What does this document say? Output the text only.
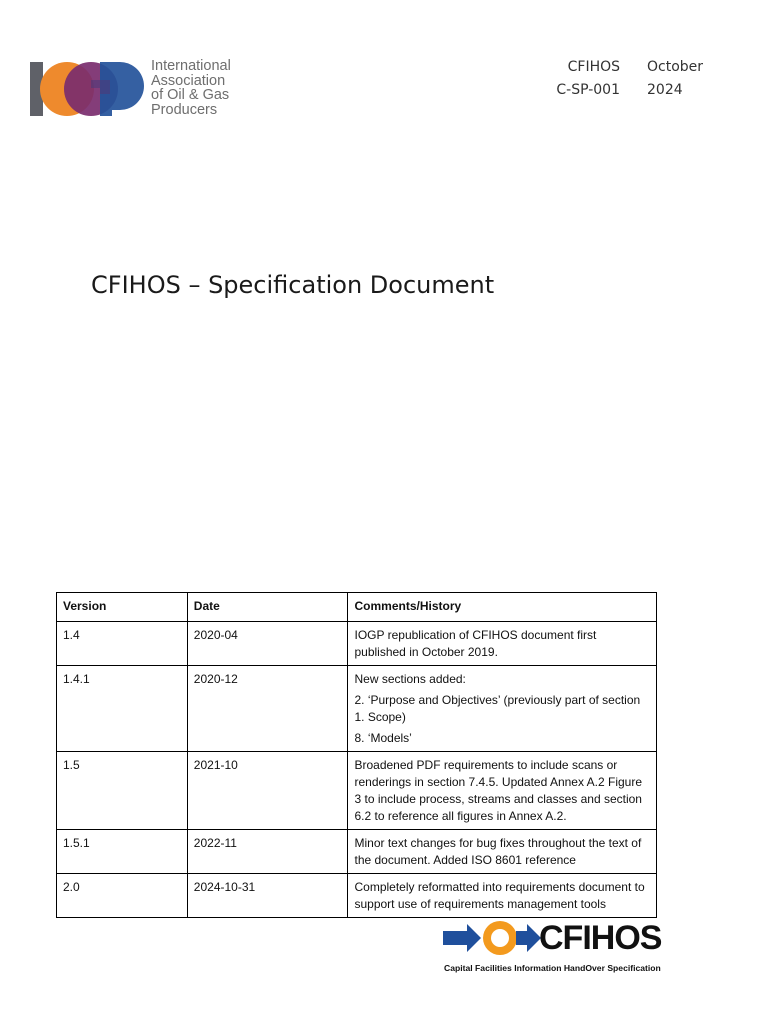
International
Association
of Oil & Gas
Producers
CFIHOS
C-SP-001
October
2024
CFIHOS – Specification Document
Version	Date	Comments/History
1.4	2020-04	IOGP republication of CFIHOS document first published in October 2019.

1.4.1	2020-12	New sections added:

2. ‘Purpose and Objectives’ (previously part of section 1. Scope)

8. ‘Models’

1.5	2021-10	Broadened PDF requirements to include scans or renderings in section 7.4.5. Updated Annex A.2 Figure 3 to include process, streams and classes and section 6.2 to reference all figures in Annex A.2.

1.5.1	2022-11	Minor text changes for bug fixes throughout the text of the document. Added ISO 8601 reference

2.0	2024-10-31	Completely reformatted into requirements document to support use of requirements management tools

CFIHOS
Capital Facilities Information HandOver Specification
